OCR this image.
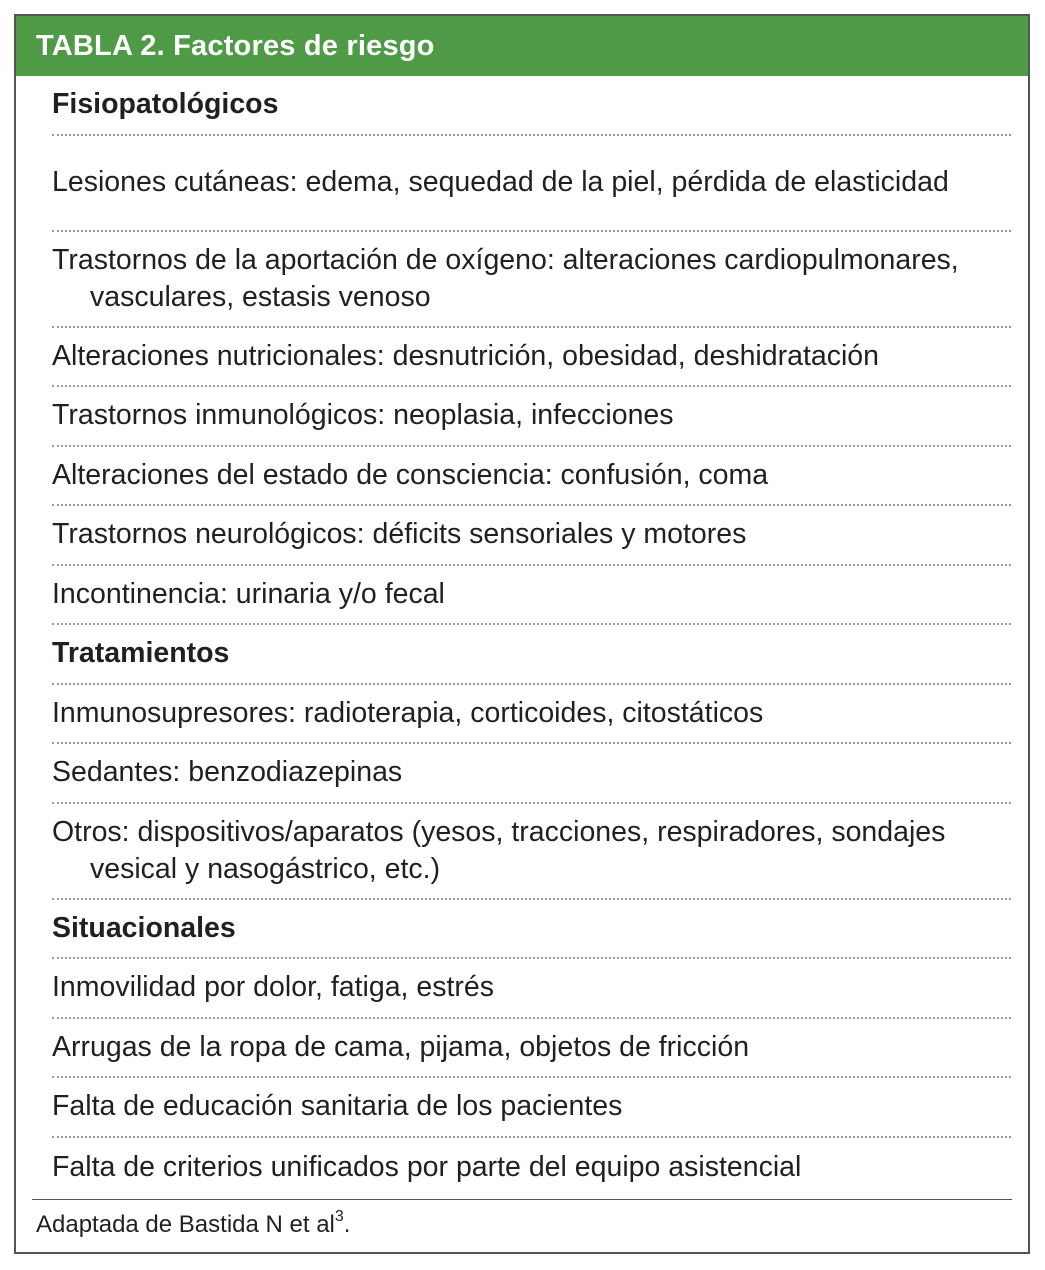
TABLA 2. Factores de riesgo
Fisiopatológicos
Lesiones cutáneas: edema, sequedad de la piel, pérdida de elasticidad
Trastornos de la aportación de oxígeno: alteraciones cardiopulmonares, vasculares, estasis venoso
Alteraciones nutricionales: desnutrición, obesidad, deshidratación
Trastornos inmunológicos: neoplasia, infecciones
Alteraciones del estado de consciencia: confusión, coma
Trastornos neurológicos: déficits sensoriales y motores
Incontinencia: urinaria y/o fecal
Tratamientos
Inmunosupresores: radioterapia, corticoides, citostáticos
Sedantes: benzodiazepinas
Otros: dispositivos/aparatos (yesos, tracciones, respiradores, sondajes vesical y nasogástrico, etc.)
Situacionales
Inmovilidad por dolor, fatiga, estrés
Arrugas de la ropa de cama, pijama, objetos de fricción
Falta de educación sanitaria de los pacientes
Falta de criterios unificados por parte del equipo asistencial
Adaptada de Bastida N et $al^3$.
